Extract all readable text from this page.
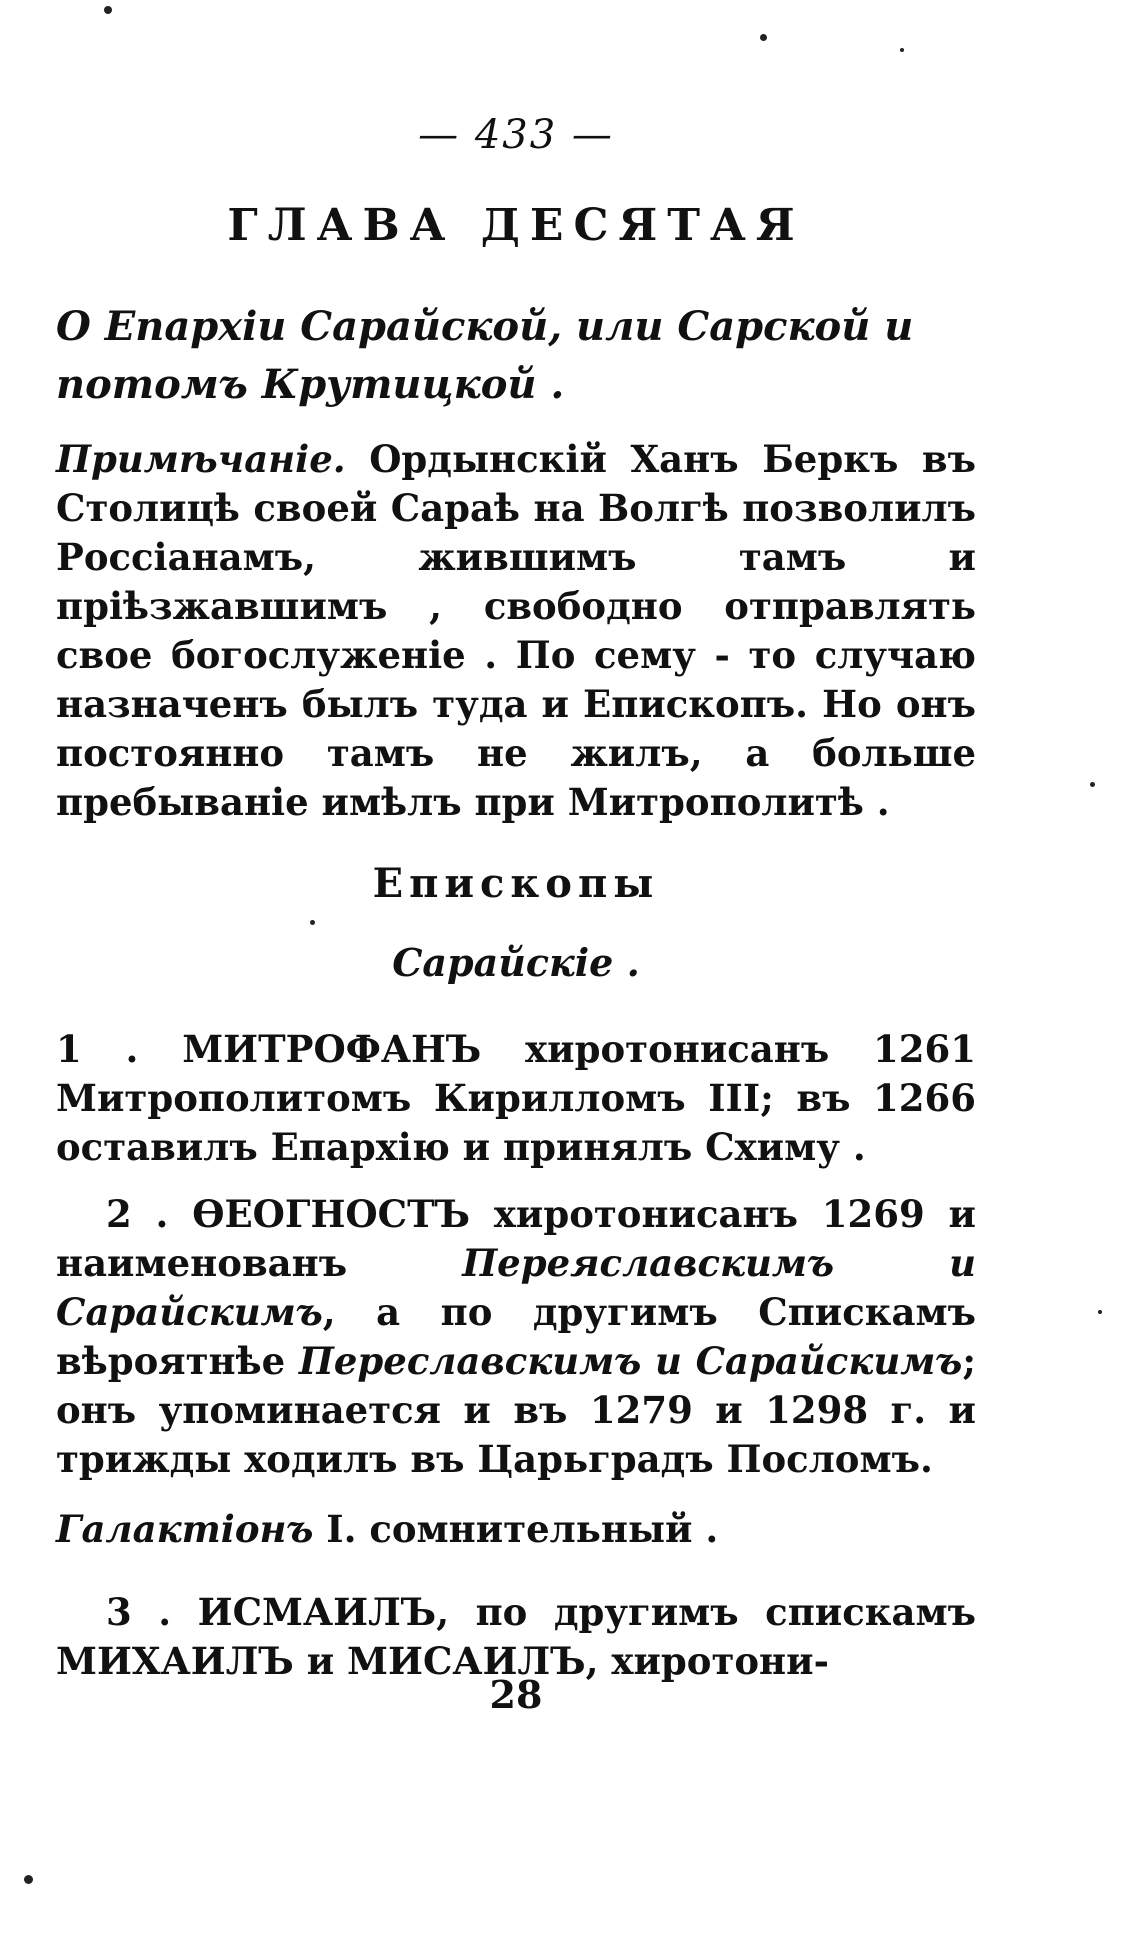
— 433 —
ГЛАВА ДЕСЯТАЯ
О Епархіи Сарайской, или Сарской и потомъ Крутицкой .
Примѣчаніе. Ордынскій Ханъ Беркъ въ Столицѣ своей Сараѣ на Волгѣ позволилъ Россіанамъ, жившимъ тамъ и пріѣзжавшимъ , свободно отправлять свое богослуженіе . По сему - то случаю назначенъ былъ туда и Епископъ. Но онъ постоянно тамъ не жилъ, а больше пребываніе имѣлъ при Митрополитѣ .
Епископы
Сарайскіе .
1 . МИТРОФАНЪ хиротонисанъ 1261 Митрополитомъ Кирилломъ III; въ 1266 оставилъ Епархію и принялъ Схиму .
2 . ѲЕОГНОСТЪ хиротонисанъ 1269 и наименованъ Переяславскимъ и Сарайскимъ, а по другимъ Спискамъ вѣроятнѣе Переславскимъ и Сарайскимъ; онъ упоминается и въ 1279 и 1298 г. и трижды ходилъ въ Царьградъ Посломъ.
Галактіонъ I. сомнительный .
3 . ИСМАИЛЪ, по другимъ спискамъ МИХАИЛЪ и МИСАИЛЪ, хиротони-
28
